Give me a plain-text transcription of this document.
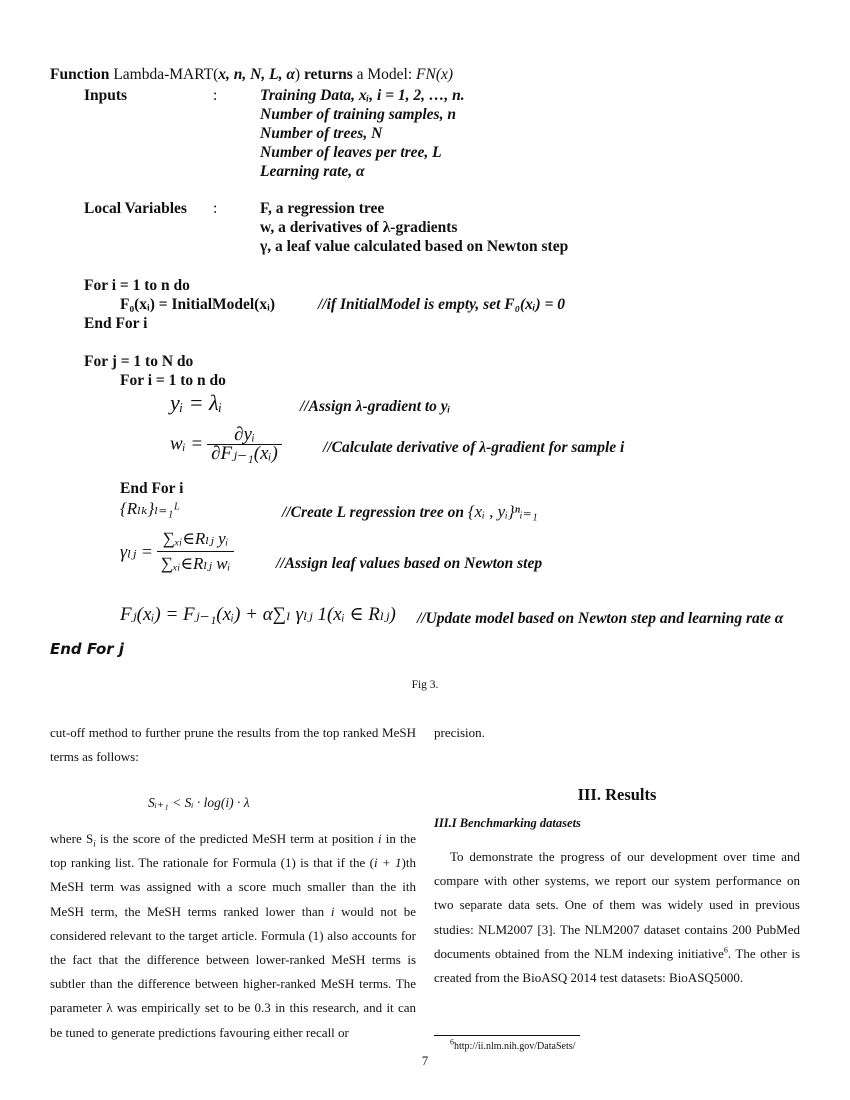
Function Lambda-MART(x, n, N, L, α) returns a Model: FN(x)
Inputs	:	Training Data, xᵢ, i = 1, 2, …, n.
Number of training samples, n
Number of trees, N
Number of leaves per tree, L
Learning rate, α
Local Variables :	F, a regression tree
w, a derivatives of λ-gradients
γ, a leaf value calculated based on Newton step
For i = 1 to n do
F₀(xᵢ) = InitialModel(xᵢ)	//if InitialModel is empty, set F₀(xᵢ) = 0
End For i
For j = 1 to N do
For i = 1 to n do
yᵢ = λᵢ	//Assign λ-gradient to yᵢ
wᵢ = $\frac{\text{∂yᵢ}}{\text{∂Fⱼ₋₁(xᵢ)}}$	//Calculate derivative of λ-gradient for sample i
End For i
{Rₗₖ}ₗ₌₁ᴸ	//Create L regression tree on {xᵢ , yᵢ}ⁿᵢ₌₁
γₗⱼ = $\frac{\text{∑ₓᵢ∈Rₗⱼ yᵢ}}{\text{∑ₓᵢ∈Rₗⱼ wᵢ}}$	//Assign leaf values based on Newton step
Fⱼ(xᵢ) = Fⱼ₋₁(xᵢ) + α∑ₗ γₗⱼ 1(xᵢ ∈ Rₗⱼ) //Update model based on Newton step and learning rate α
End For j
Fig 3.

cut-off method to further prune the results from the top ranked MeSH terms as follows:

Sᵢ₊₁ < Sᵢ · log(i) · λ

where $S_i$ is the score of the predicted MeSH term at position i in the top ranking list. The rationale for Formula (1) is that if the (i + 1)th MeSH term was assigned with a score much smaller than the ith MeSH term, the MeSH terms ranked lower than i would not be considered relevant to the target article. Formula (1) also accounts for the fact that the difference between lower-ranked MeSH terms is subtler than the difference between higher-ranked MeSH terms. The parameter λ was empirically set to be 0.3 in this research, and it can be tuned to generate predictions favouring either recall or

precision.

III. Results
III.I Benchmarking datasets

To demonstrate the progress of our development over time and compare with other systems, we report our system performance on two separate data sets. One of them was widely used in previous studies: NLM2007 [3]. The NLM2007 dataset contains 200 PubMed documents obtained from the NLM indexing initiative$^6$. The other is created from the BioASQ 2014 test datasets: BioASQ5000.

$^6$http://ii.nlm.nih.gov/DataSets/
7
